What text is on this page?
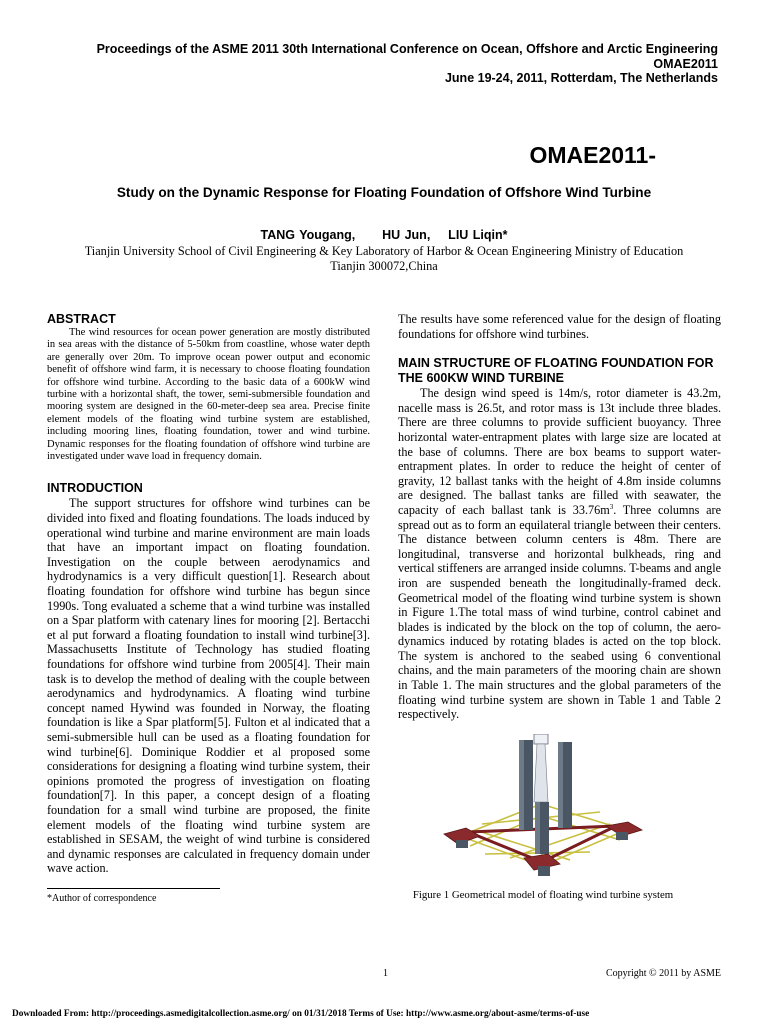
Proceedings of the ASME 2011 30th International Conference on Ocean, Offshore and Arctic Engineering
OMAE2011
June 19-24, 2011, Rotterdam, The Netherlands
OMAE2011-
Study on the Dynamic Response for Floating Foundation of Offshore Wind Turbine
TANG Yougang,      HU Jun,    LIU Liqin*
Tianjin University School of Civil Engineering & Key Laboratory of Harbor & Ocean Engineering Ministry of Education
Tianjin 300072,China
ABSTRACT

The wind resources for ocean power generation are mostly distributed in sea areas with the distance of 5-50km from coastline, whose water depth are generally over 20m. To improve ocean power output and economic benefit of offshore wind farm, it is necessary to choose floating foundation for offshore wind turbine. According to the basic data of a 600kW wind turbine with a horizontal shaft, the tower, semi-submersible foundation and mooring system are designed in the 60-meter-deep sea area. Precise finite element models of the floating wind turbine system are established, including mooring lines, floating foundation, tower and wind turbine. Dynamic responses for the floating foundation of offshore wind turbine are investigated under wave load in frequency domain.

INTRODUCTION

The support structures for offshore wind turbines can be divided into fixed and floating foundations. The loads induced by operational wind turbine and marine environment are main loads that have an important impact on floating foundation. Investigation on the couple between aerodynamics and hydrodynamics is a very difficult question[1]. Research about floating foundation for offshore wind turbine has begun since 1990s. Tong evaluated a scheme that a wind turbine was installed on a Spar platform with catenary lines for mooring [2]. Bertacchi et al put forward a floating foundation to install wind turbine[3]. Massachusetts Institute of Technology has studied floating foundations for offshore wind turbine from 2005[4]. Their main task is to develop the method of dealing with the couple between aerodynamics and hydrodynamics. A floating wind turbine concept named Hywind was founded in Norway, the floating foundation is like a Spar platform[5]. Fulton et al indicated that a semi-submersible hull can be used as a floating foundation for wind turbine[6]. Dominique Roddier et al proposed some considerations for designing a floating wind turbine system, their opinions promoted the progress of investigation on floating foundation[7]. In this paper, a concept design of a floating foundation for a small wind turbine are proposed, the finite element models of the floating wind turbine system are established in SESAM, the weight of wind turbine is considered and dynamic responses are calculated in frequency domain under wave action.

*Author of correspondence

The results have some referenced value for the design of floating foundations for offshore wind turbines.

MAIN STRUCTURE OF FLOATING FOUNDATION FOR THE 600KW WIND TURBINE

The design wind speed is 14m/s, rotor diameter is 43.2m, nacelle mass is 26.5t, and rotor mass is 13t include three blades. There are three columns to provide sufficient buoyancy. Three horizontal water-entrapment plates with large size are located at the base of columns. There are box beams to support water-entrapment plates. In order to reduce the height of center of gravity, 12 ballast tanks with the height of 4.8m inside columns are designed. The ballast tanks are filled with seawater, the capacity of each ballast tank is $33.76m^3$. Three columns are spread out as to form an equilateral triangle between their centers. The distance between column centers is 48m. There are longitudinal, transverse and horizontal bulkheads, ring and vertical stiffeners are arranged inside columns. T-beams and angle iron are suspended beneath the longitudinally-framed deck. Geometrical model of the floating wind turbine system is shown in Figure 1.The total mass of wind turbine, control cabinet and blades is indicated by the block on the top of column, the aero-dynamics induced by rotating blades is acted on the top block. The system is anchored to the seabed using 6 conventional chains, and the main parameters of the mooring chain are shown in Table 1. The main structures and the global parameters of the floating wind turbine system are shown in Table 1 and Table 2 respectively.

Figure 1 Geometrical model of floating wind turbine system
1	Copyright © 2011 by ASME
Downloaded From: http://proceedings.asmedigitalcollection.asme.org/ on 01/31/2018 Terms of Use: http://www.asme.org/about-asme/terms-of-use
